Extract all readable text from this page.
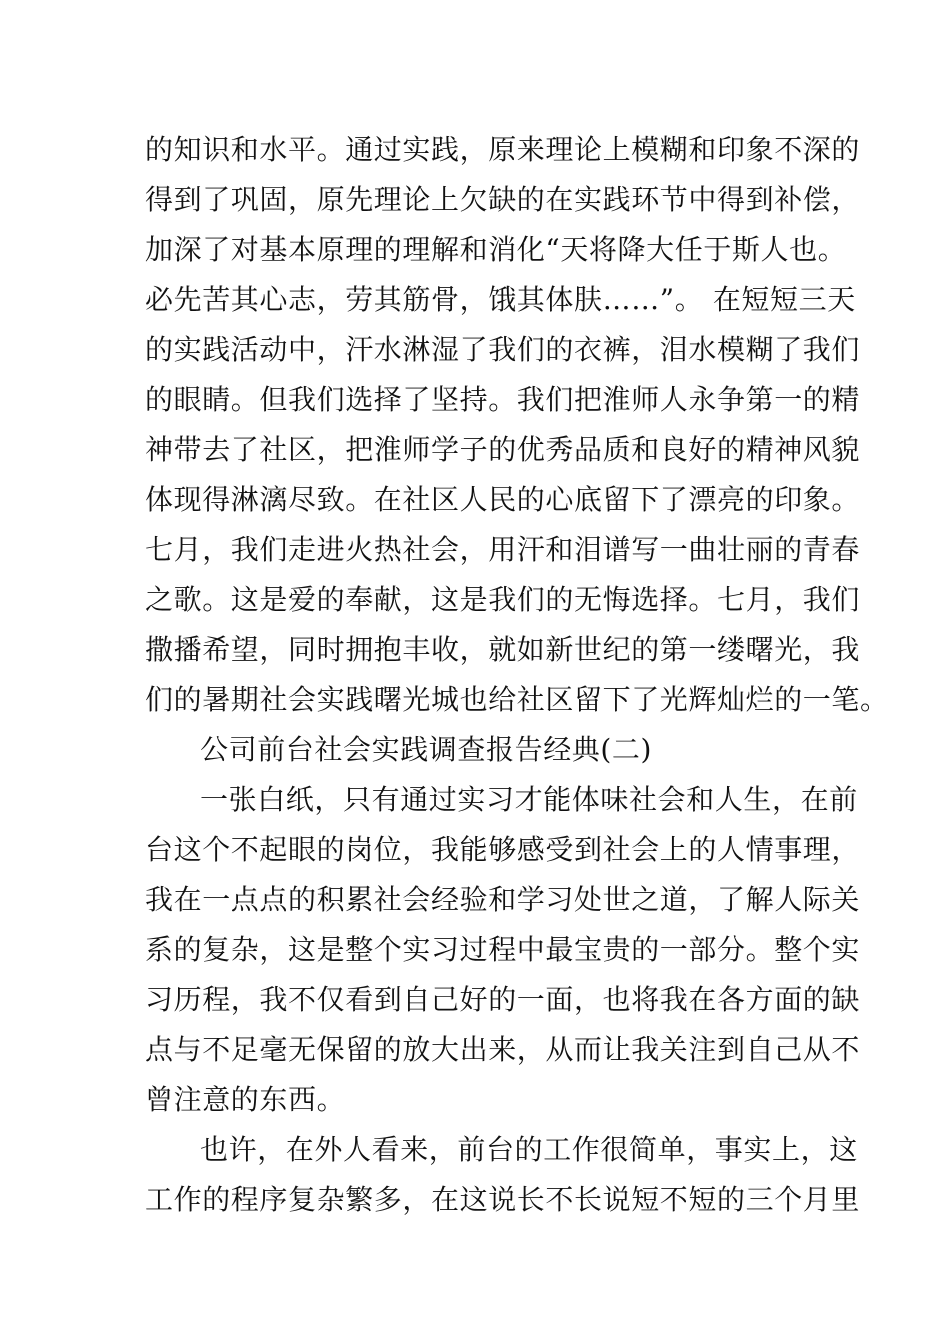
的知识和水平。通过实践，原来理论上模糊和印象不深的
得到了巩固，原先理论上欠缺的在实践环节中得到补偿，
加深了对基本原理的理解和消化“天将降大任于斯人也。
必先苦其心志，劳其筋骨，饿其体肤……”。 在短短三天
的实践活动中，汗水淋湿了我们的衣裤，泪水模糊了我们
的眼睛。但我们选择了坚持。我们把淮师人永争第一的精
神带去了社区，把淮师学子的优秀品质和良好的精神风貌
体现得淋漓尽致。在社区人民的心底留下了漂亮的印象。
七月，我们走进火热社会，用汗和泪谱写一曲壮丽的青春
之歌。这是爱的奉献，这是我们的无悔选择。七月，我们
撒播希望，同时拥抱丰收，就如新世纪的第一缕曙光，我
们的暑期社会实践曙光城也给社区留下了光辉灿烂的一笔。
公司前台社会实践调查报告经典(二)
一张白纸，只有通过实习才能体味社会和人生，在前
台这个不起眼的岗位，我能够感受到社会上的人情事理，
我在一点点的积累社会经验和学习处世之道，了解人际关
系的复杂，这是整个实习过程中最宝贵的一部分。整个实
习历程，我不仅看到自己好的一面，也将我在各方面的缺
点与不足毫无保留的放大出来，从而让我关注到自己从不
曾注意的东西。
也许，在外人看来，前台的工作很简单，事实上，这
工作的程序复杂繁多，在这说长不长说短不短的三个月里
